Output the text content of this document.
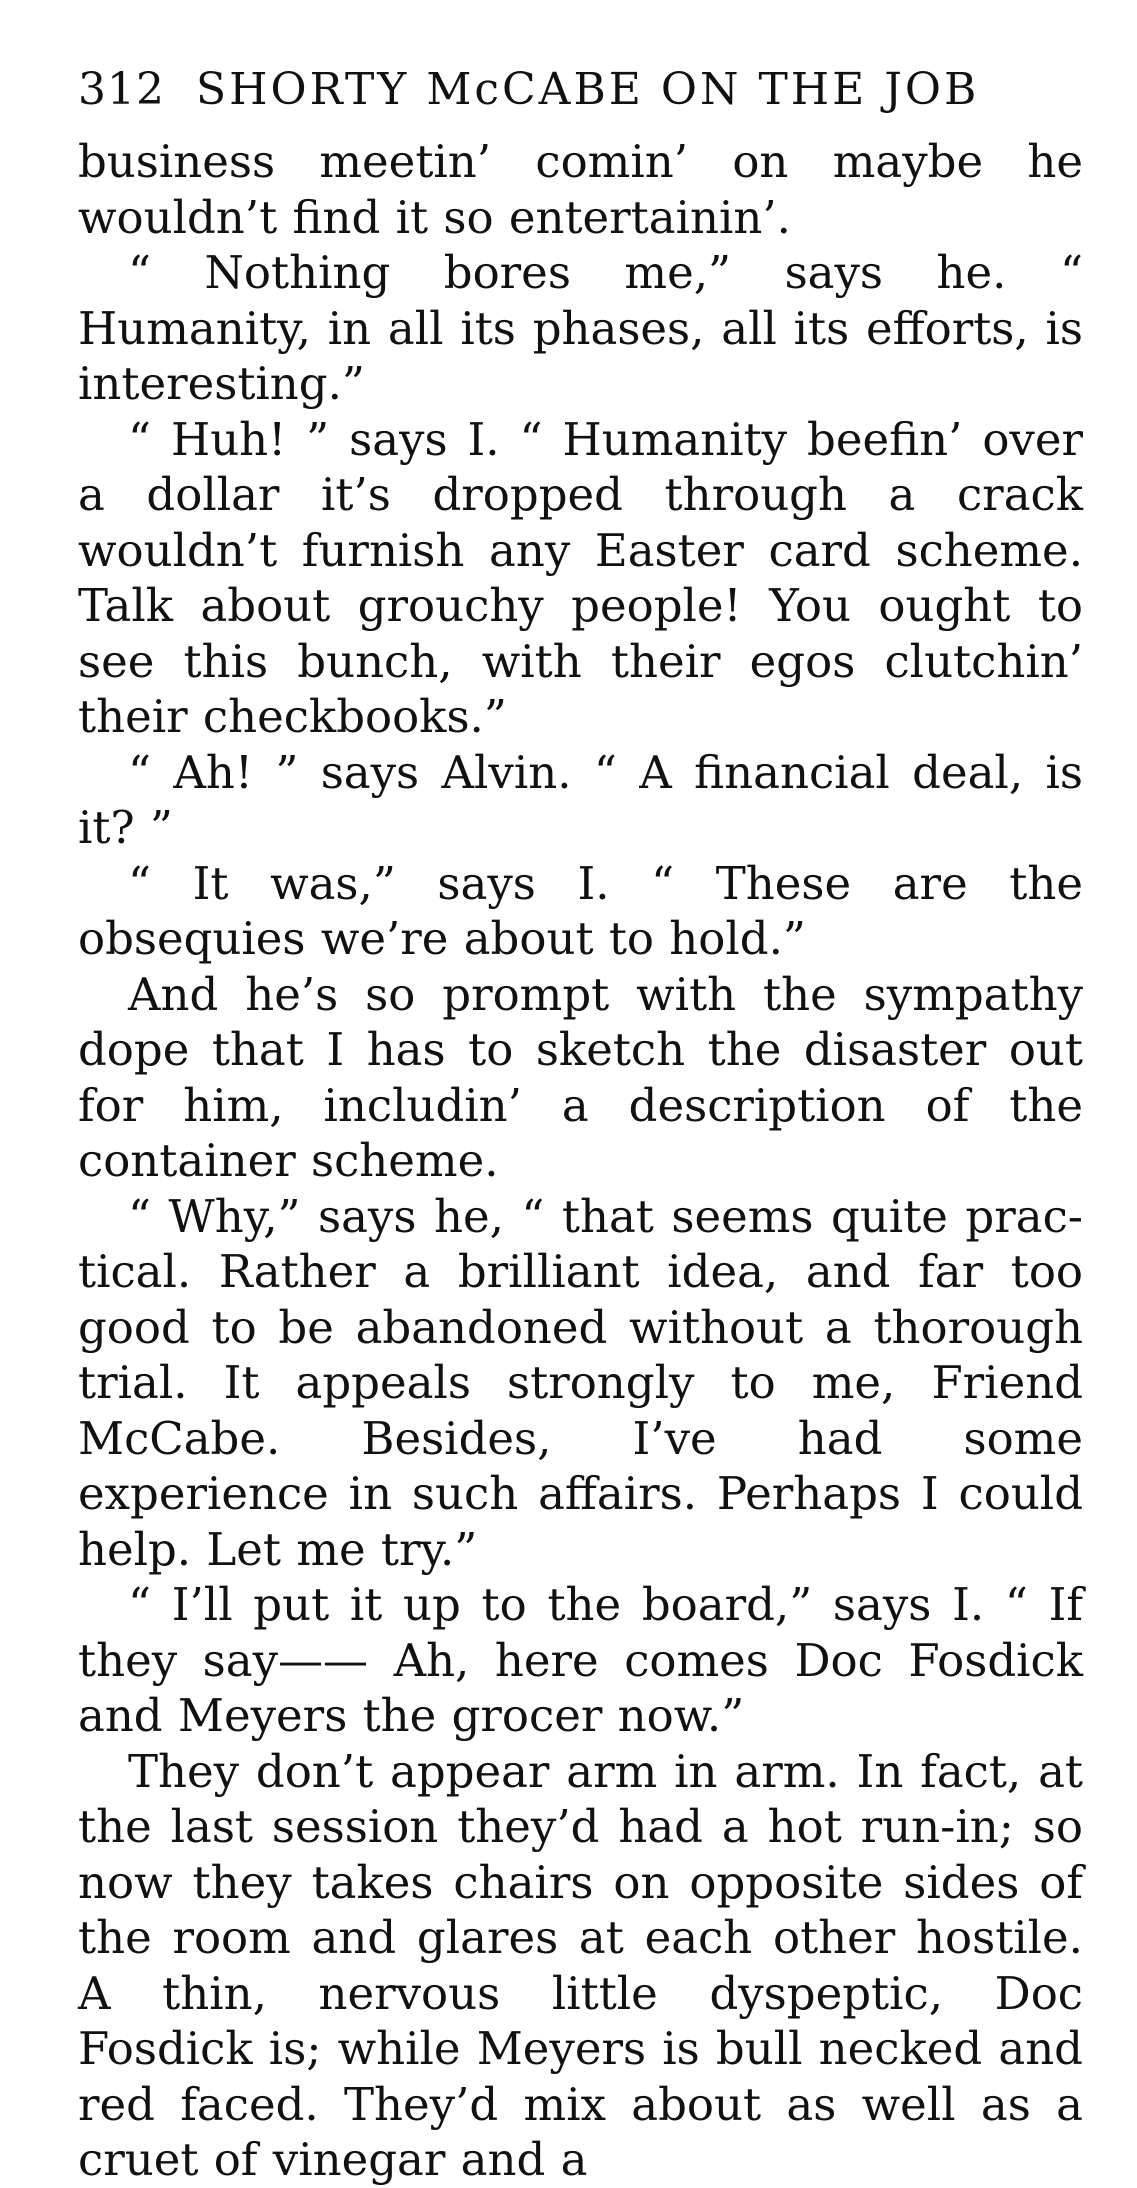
312 SHORTY McCABE ON THE JOB

business meetin’ comin’ on maybe he wouldn’t find it so entertainin’.

“ Nothing bores me,” says he. “ Humanity, in all its phases, all its efforts, is interesting.”

“ Huh! ” says I. “ Humanity beefin’ over a dollar it’s dropped through a crack wouldn’t furnish any Easter card scheme. Talk about grouchy people! You ought to see this bunch, with their egos clutchin’ their checkbooks.”

“ Ah! ” says Alvin. “ A financial deal, is it? ”

“ It was,” says I. “ These are the obsequies we’re about to hold.”

And he’s so prompt with the sympathy dope that I has to sketch the disaster out for him, includin’ a description of the container scheme.

“ Why,” says he, “ that seems quite practical. Rather a brilliant idea, and far too good to be abandoned without a thorough trial. It appeals strongly to me, Friend McCabe. Besides, I’ve had some experience in such affairs. Perhaps I could help. Let me try.”

“ I’ll put it up to the board,” says I. “ If they say—— Ah, here comes Doc Fosdick and Meyers the grocer now.”

They don’t appear arm in arm. In fact, at the last session they’d had a hot run-in; so now they takes chairs on opposite sides of the room and glares at each other hostile. A thin, nervous little dyspeptic, Doc Fosdick is; while Meyers is bull necked and red faced. They’d mix about as well as a cruet of vinegar and a
